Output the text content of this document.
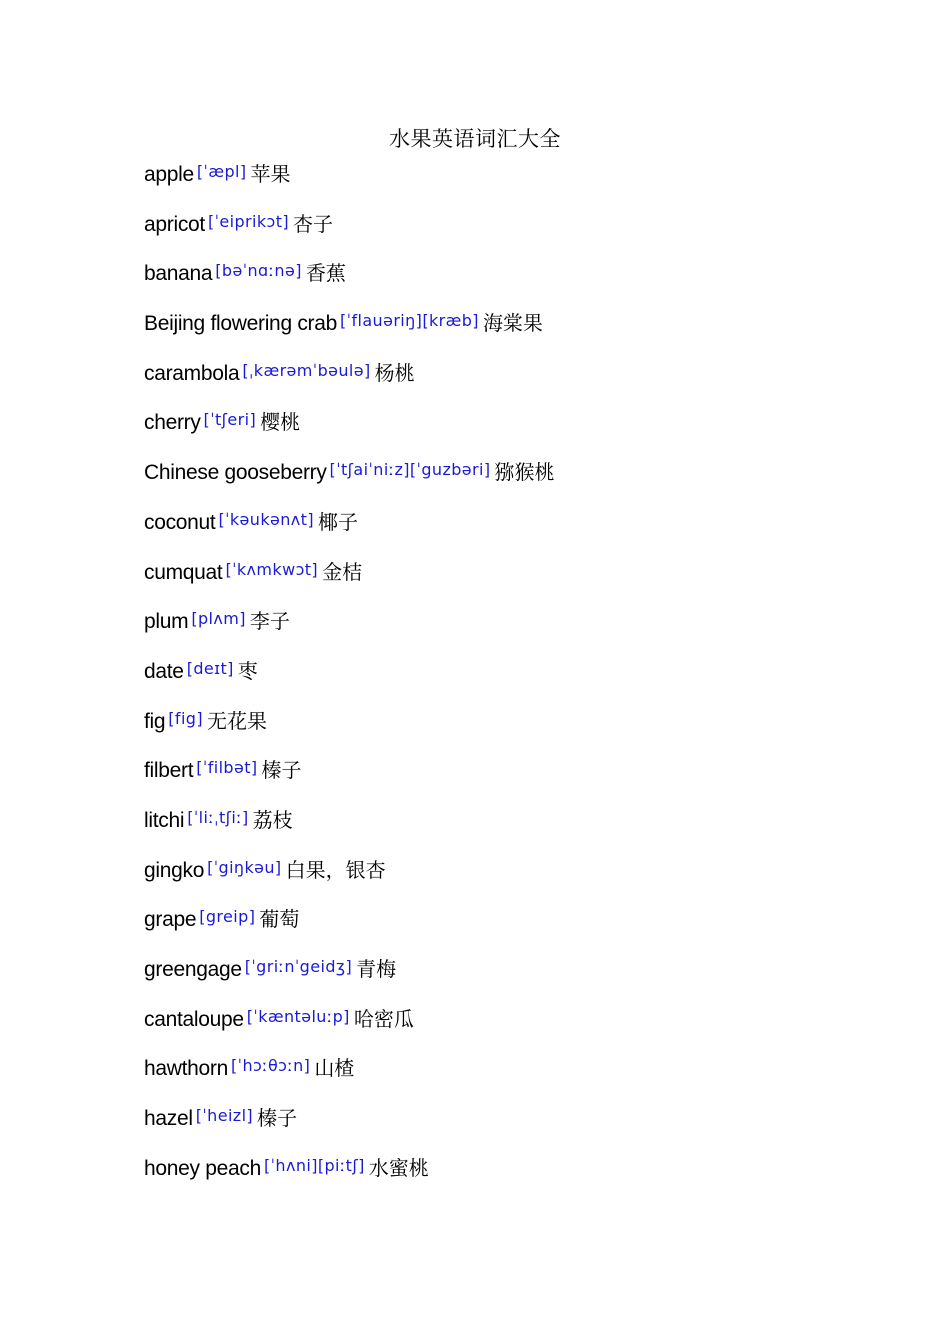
水果英语词汇大全
apple [ˈæpl] 苹果
apricot [ˈeiprikɔt] 杏子
banana [bəˈnɑːnə] 香蕉
Beijing flowering crab [ˈflauəriŋ][kræb] 海棠果
carambola [ˌkærəmˈbəulə] 杨桃
cherry [ˈtʃeri] 樱桃
Chinese gooseberry [ˈtʃaiˈniːz][ˈguzbəri] 猕猴桃
coconut [ˈkəukənʌt] 椰子
cumquat [ˈkʌmkwɔt] 金桔
plum [plʌm] 李子
date [deɪt] 枣
fig [fig] 无花果
filbert [ˈfilbət] 榛子
litchi [ˈliːˌtʃiː] 荔枝
gingko [ˈgiŋkəu] 白果，银杏
grape [greip] 葡萄
greengage [ˈgriːnˈgeidʒ] 青梅
cantaloupe [ˈkæntəluːp] 哈密瓜
hawthorn [ˈhɔːθɔːn] 山楂
hazel [ˈheizl] 榛子
honey peach [ˈhʌni][piːtʃ] 水蜜桃
